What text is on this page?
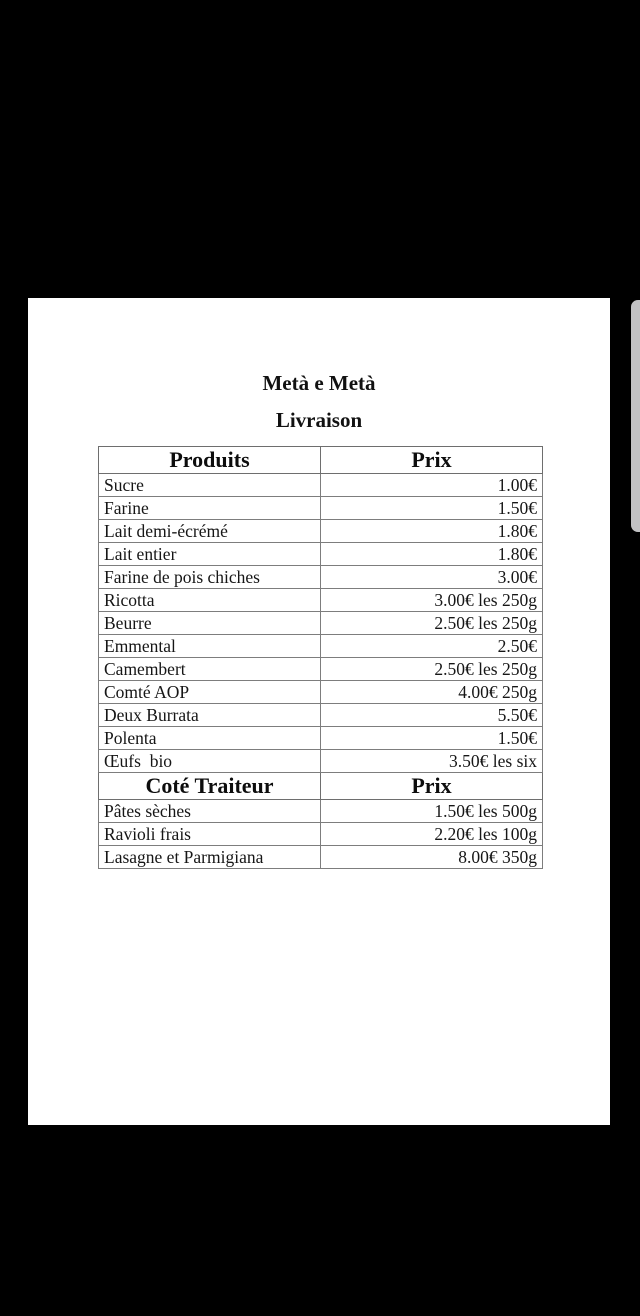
Metà e Metà
Livraison
Produits	Prix
Sucre	1.00€
Farine	1.50€
Lait demi-écrémé	1.80€
Lait entier	1.80€
Farine de pois chiches	3.00€
Ricotta	3.00€ les 250g
Beurre	2.50€ les 250g
Emmental	2.50€
Camembert	2.50€ les 250g
Comté AOP	4.00€ 250g
Deux Burrata	5.50€
Polenta	1.50€
Œufs  bio	3.50€ les six
Coté Traiteur	Prix
Pâtes sèches	1.50€ les 500g
Ravioli frais	2.20€ les 100g
Lasagne et Parmigiana	8.00€ 350g
